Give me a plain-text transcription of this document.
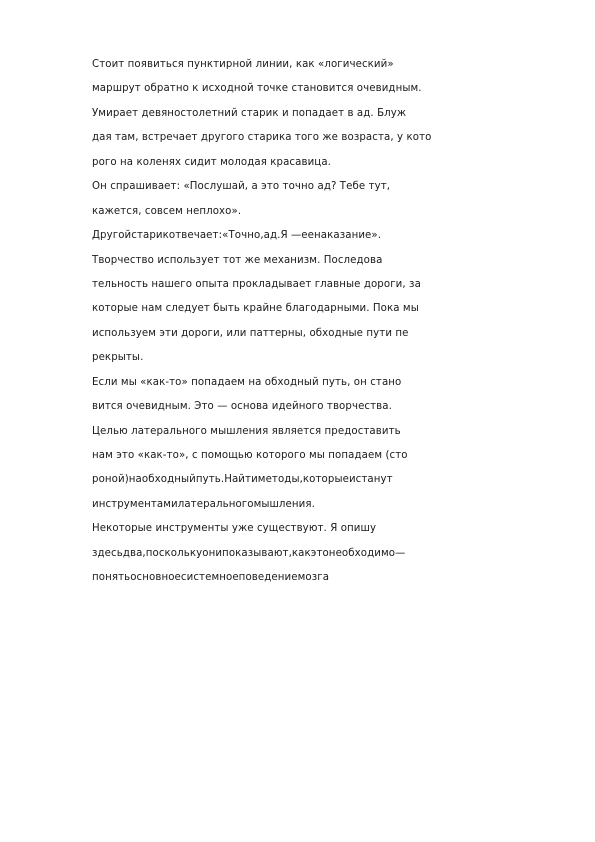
Стоит появиться пунктирной линии, как «логический»
маршрут обратно к исходной точке становится очевидным.
Умирает девяностолетний старик и попадает в ад. Блуж
дая там, встречает другого старика того же возраста, у кото
рого на коленях сидит молодая красавица.
Он спрашивает: «Послушай, а это точно ад? Тебе тут,
кажется, совсем неплохо».
Другойстарикотвечает:«Точно,ад.Я —еенаказание».
Творчество использует тот же механизм. Последова
тельность нашего опыта прокладывает главные дороги, за
которые нам следует быть крайне благодарными. Пока мы
используем эти дороги, или паттерны, обходные пути пе
рекрыты.
Если мы «как-то» попадаем на обходный путь, он стано
вится очевидным. Это — основа идейного творчества.
Целью латерального мышления является предоставить
нам это «как-то», с помощью которого мы попадаем (сто
роной)наобходныйпуть.Найтиметоды,которыеистанут
инструментамилатеральногомышления.
Некоторые инструменты уже существуют. Я опишу
здесьдва,посколькуонипоказывают,какэтонеобходимо—
понятьосновноесистемноеповедениемозга
